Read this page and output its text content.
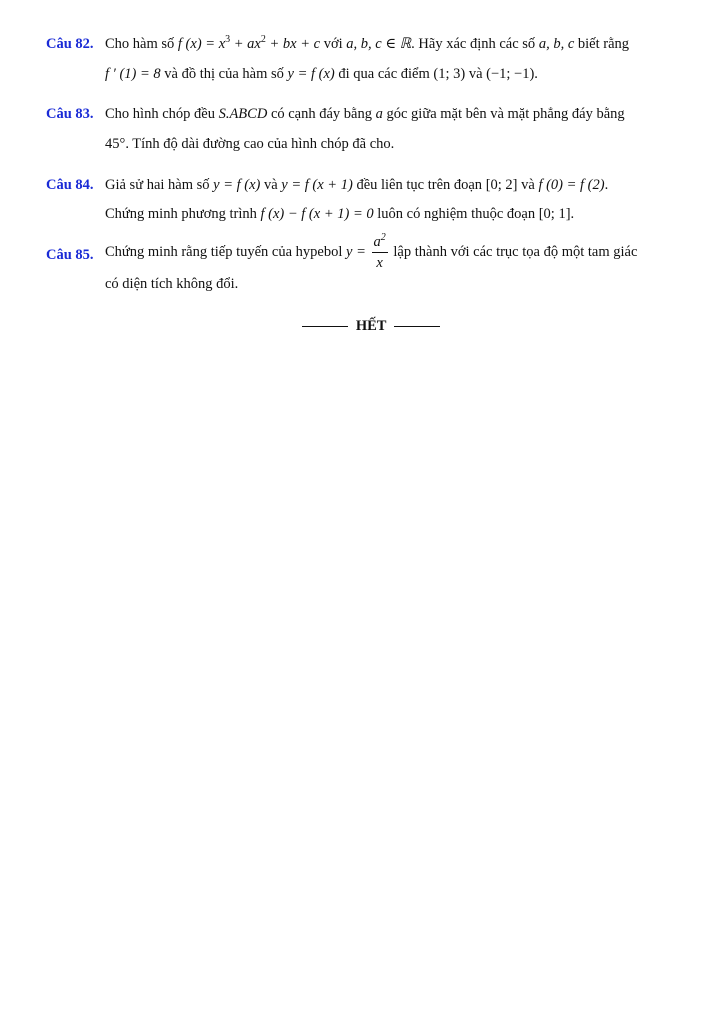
Câu 82. Cho hàm số f $(x) = x^3 + ax^2$ + bx + c với a, b, c ∈ ℝ. Hãy xác định các số a, b, c biết rằng
f ′ (1) = 8 và đồ thị của hàm số y = f (x) đi qua các điểm (1; 3) và (−1; −1).
Câu 83. Cho hình chóp đều S.ABCD có cạnh đáy bằng a góc giữa mặt bên và mặt phẳng đáy bằng
45°. Tính độ dài đường cao của hình chóp đã cho.
Câu 84. Giả sử hai hàm số y = f (x) và y = f (x + 1) đều liên tục trên đoạn [0; 2] và f (0) = f (2).
Chứng minh phương trình f (x) − f (x + 1) = 0 luôn có nghiệm thuộc đoạn [0; 1].
Câu 85. Chứng minh rằng tiếp tuyến của hypebol $y = \frac{a^2}{x}$ lập thành với các trục tọa độ một tam giác
có diện tích không đổi.
HẾT
